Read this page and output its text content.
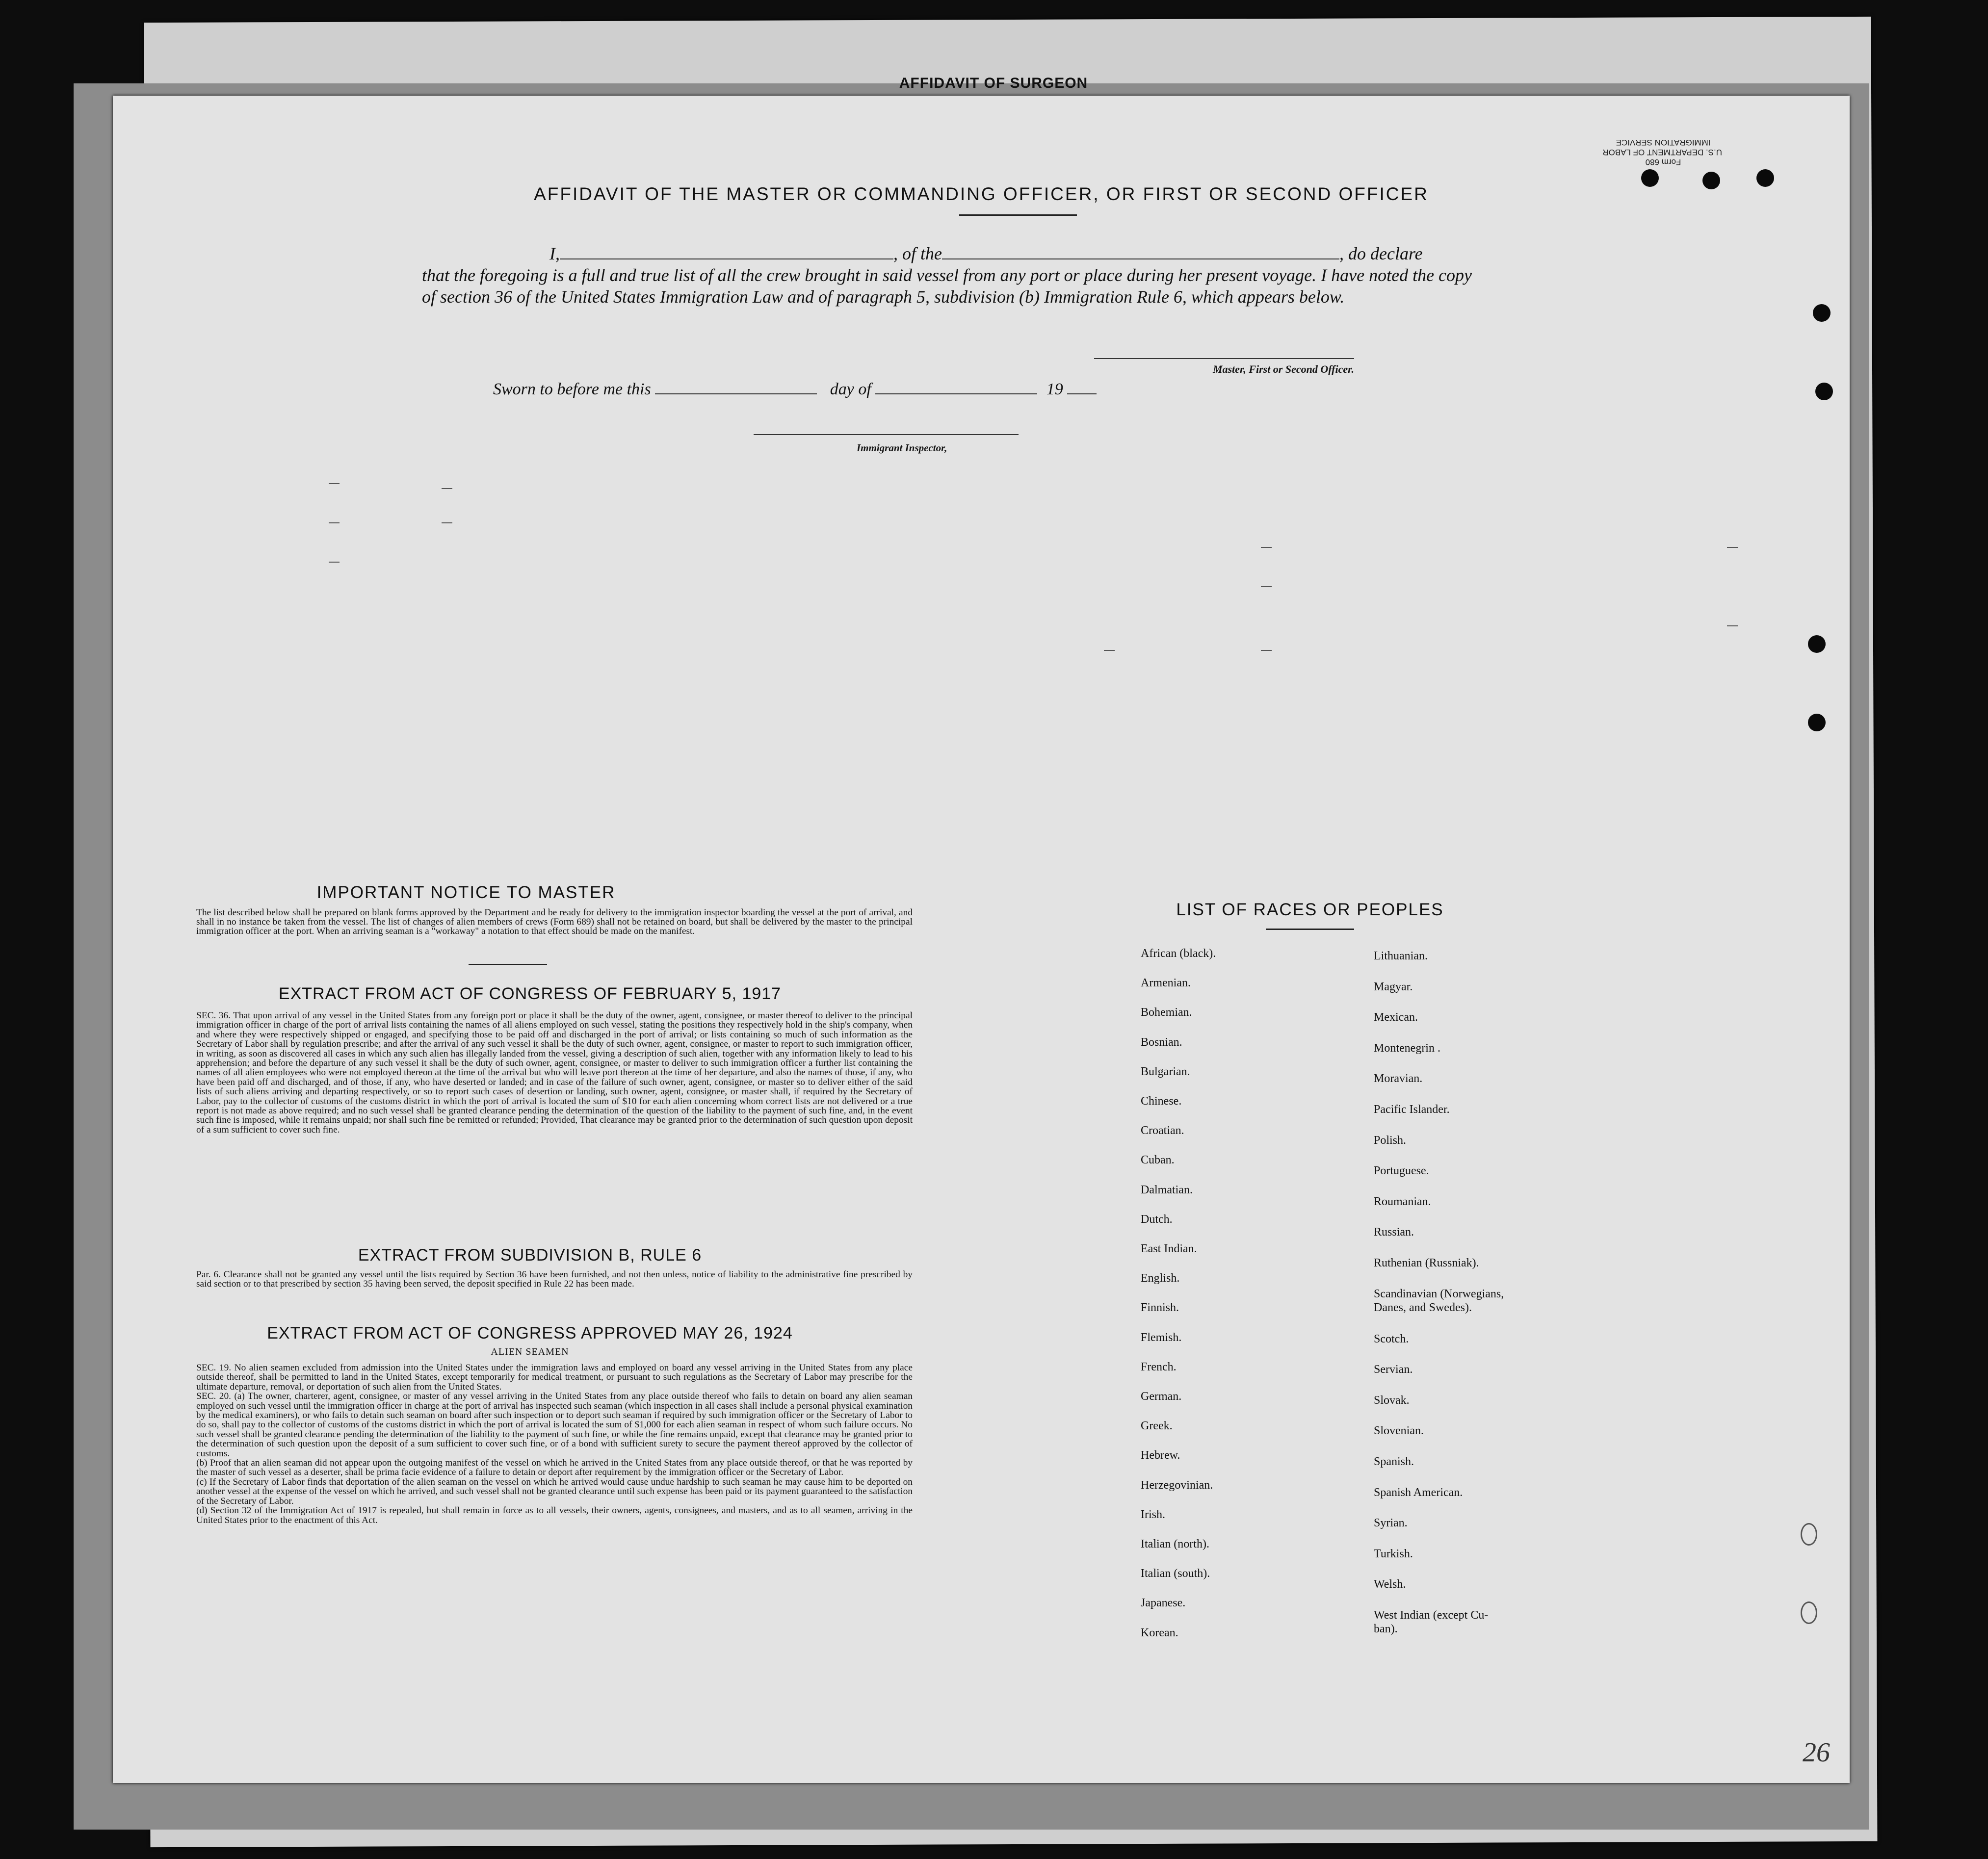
AFFIDAVIT OF SURGEON
Form 680
U.S. DEPARTMENT OF LABOR
IMMIGRATION SERVICE
AFFIDAVIT OF THE MASTER OR COMMANDING OFFICER, OR FIRST OR SECOND OFFICER
I,	, of the	, do declare
that the foregoing is a full and true list of all the crew brought in said vessel from any port or place during her present voyage. I have noted the copy of section 36 of the United States Immigration Law and of paragraph 5, subdivision (b) Immigration Rule 6, which appears below.
Master, First or Second Officer.
Sworn to before me this	day of	19
Immigrant Inspector,
IMPORTANT NOTICE TO MASTER
The list described below shall be prepared on blank forms approved by the Department and be ready for delivery to the immigration inspector boarding the vessel at the port of arrival, and shall in no instance be taken from the vessel. The list of changes of alien members of crews (Form 689) shall not be retained on board, but shall be delivered by the master to the principal immigration officer at the port. When an arriving seaman is a "workaway" a notation to that effect should be made on the manifest.
EXTRACT FROM ACT OF CONGRESS OF FEBRUARY 5, 1917
SEC. 36. That upon arrival of any vessel in the United States from any foreign port or place it shall be the duty of the owner, agent, consignee, or master thereof to deliver to the principal immigration officer in charge of the port of arrival lists containing the names of all aliens employed on such vessel, stating the positions they respectively hold in the ship's company, when and where they were respectively shipped or engaged, and specifying those to be paid off and discharged in the port of arrival; or lists containing so much of such information as the Secretary of Labor shall by regulation prescribe; and after the arrival of any such vessel it shall be the duty of such owner, agent, consignee, or master to report to such immigration officer, in writing, as soon as discovered all cases in which any such alien has illegally landed from the vessel, giving a description of such alien, together with any information likely to lead to his apprehension; and before the departure of any such vessel it shall be the duty of such owner, agent, consignee, or master to deliver to such immigration officer a further list containing the names of all alien employees who were not employed thereon at the time of the arrival but who will leave port thereon at the time of her departure, and also the names of those, if any, who have been paid off and discharged, and of those, if any, who have deserted or landed; and in case of the failure of such owner, agent, consignee, or master so to deliver either of the said lists of such aliens arriving and departing respectively, or so to report such cases of desertion or landing, such owner, agent, consignee, or master shall, if required by the Secretary of Labor, pay to the collector of customs of the customs district in which the port of arrival is located the sum of $10 for each alien concerning whom correct lists are not delivered or a true report is not made as above required; and no such vessel shall be granted clearance pending the determination of the question of the liability to the payment of such fine, and, in the event such fine is imposed, while it remains unpaid; nor shall such fine be remitted or refunded; Provided, That clearance may be granted prior to the determination of such question upon deposit of a sum sufficient to cover such fine.
EXTRACT FROM SUBDIVISION B, RULE 6
Par. 6. Clearance shall not be granted any vessel until the lists required by Section 36 have been furnished, and not then unless, notice of liability to the administrative fine prescribed by said section or to that prescribed by section 35 having been served, the deposit specified in Rule 22 has been made.
EXTRACT FROM ACT OF CONGRESS APPROVED MAY 26, 1924
ALIEN SEAMEN
SEC. 19. No alien seamen excluded from admission into the United States under the immigration laws and employed on board any vessel arriving in the United States from any place outside thereof, shall be permitted to land in the United States, except temporarily for medical treatment, or pursuant to such regulations as the Secretary of Labor may prescribe for the ultimate departure, removal, or deportation of such alien from the United States.
SEC. 20. (a) The owner, charterer, agent, consignee, or master of any vessel arriving in the United States from any place outside thereof who fails to detain on board any alien seaman employed on such vessel until the immigration officer in charge at the port of arrival has inspected such seaman (which inspection in all cases shall include a personal physical examination by the medical examiners), or who fails to detain such seaman on board after such inspection or to deport such seaman if required by such immigration officer or the Secretary of Labor to do so, shall pay to the collector of customs of the customs district in which the port of arrival is located the sum of $1,000 for each alien seaman in respect of whom such failure occurs. No such vessel shall be granted clearance pending the determination of the liability to the payment of such fine, or while the fine remains unpaid, except that clearance may be granted prior to the determination of such question upon the deposit of a sum sufficient to cover such fine, or of a bond with sufficient surety to secure the payment thereof approved by the collector of customs.
(b) Proof that an alien seaman did not appear upon the outgoing manifest of the vessel on which he arrived in the United States from any place outside thereof, or that he was reported by the master of such vessel as a deserter, shall be prima facie evidence of a failure to detain or deport after requirement by the immigration officer or the Secretary of Labor.
(c) If the Secretary of Labor finds that deportation of the alien seaman on the vessel on which he arrived would cause undue hardship to such seaman he may cause him to be deported on another vessel at the expense of the vessel on which he arrived, and such vessel shall not be granted clearance until such expense has been paid or its payment guaranteed to the satisfaction of the Secretary of Labor.
(d) Section 32 of the Immigration Act of 1917 is repealed, but shall remain in force as to all vessels, their owners, agents, consignees, and masters, and as to all seamen, arriving in the United States prior to the enactment of this Act.
LIST OF RACES OR PEOPLES
26
African (black).
Armenian.
Bohemian.
Bosnian.
Bulgarian.
Chinese.
Croatian.
Cuban.
Dalmatian.
Dutch.
East Indian.
English.
Finnish.
Flemish.
French.
German.
Greek.
Hebrew.
Herzegovinian.
Irish.
Italian (north).
Italian (south).
Japanese.
Korean.
Lithuanian.
Magyar.
Mexican.
Montenegrin .
Moravian.
Pacific Islander.
Polish.
Portuguese.
Roumanian.
Russian.
Ruthenian (Russniak).
Scandinavian (Norwegians,
Danes, and Swedes).
Scotch.
Servian.
Slovak.
Slovenian.
Spanish.
Spanish American.
Syrian.
Turkish.
Welsh.
West Indian (except Cu-
ban).
